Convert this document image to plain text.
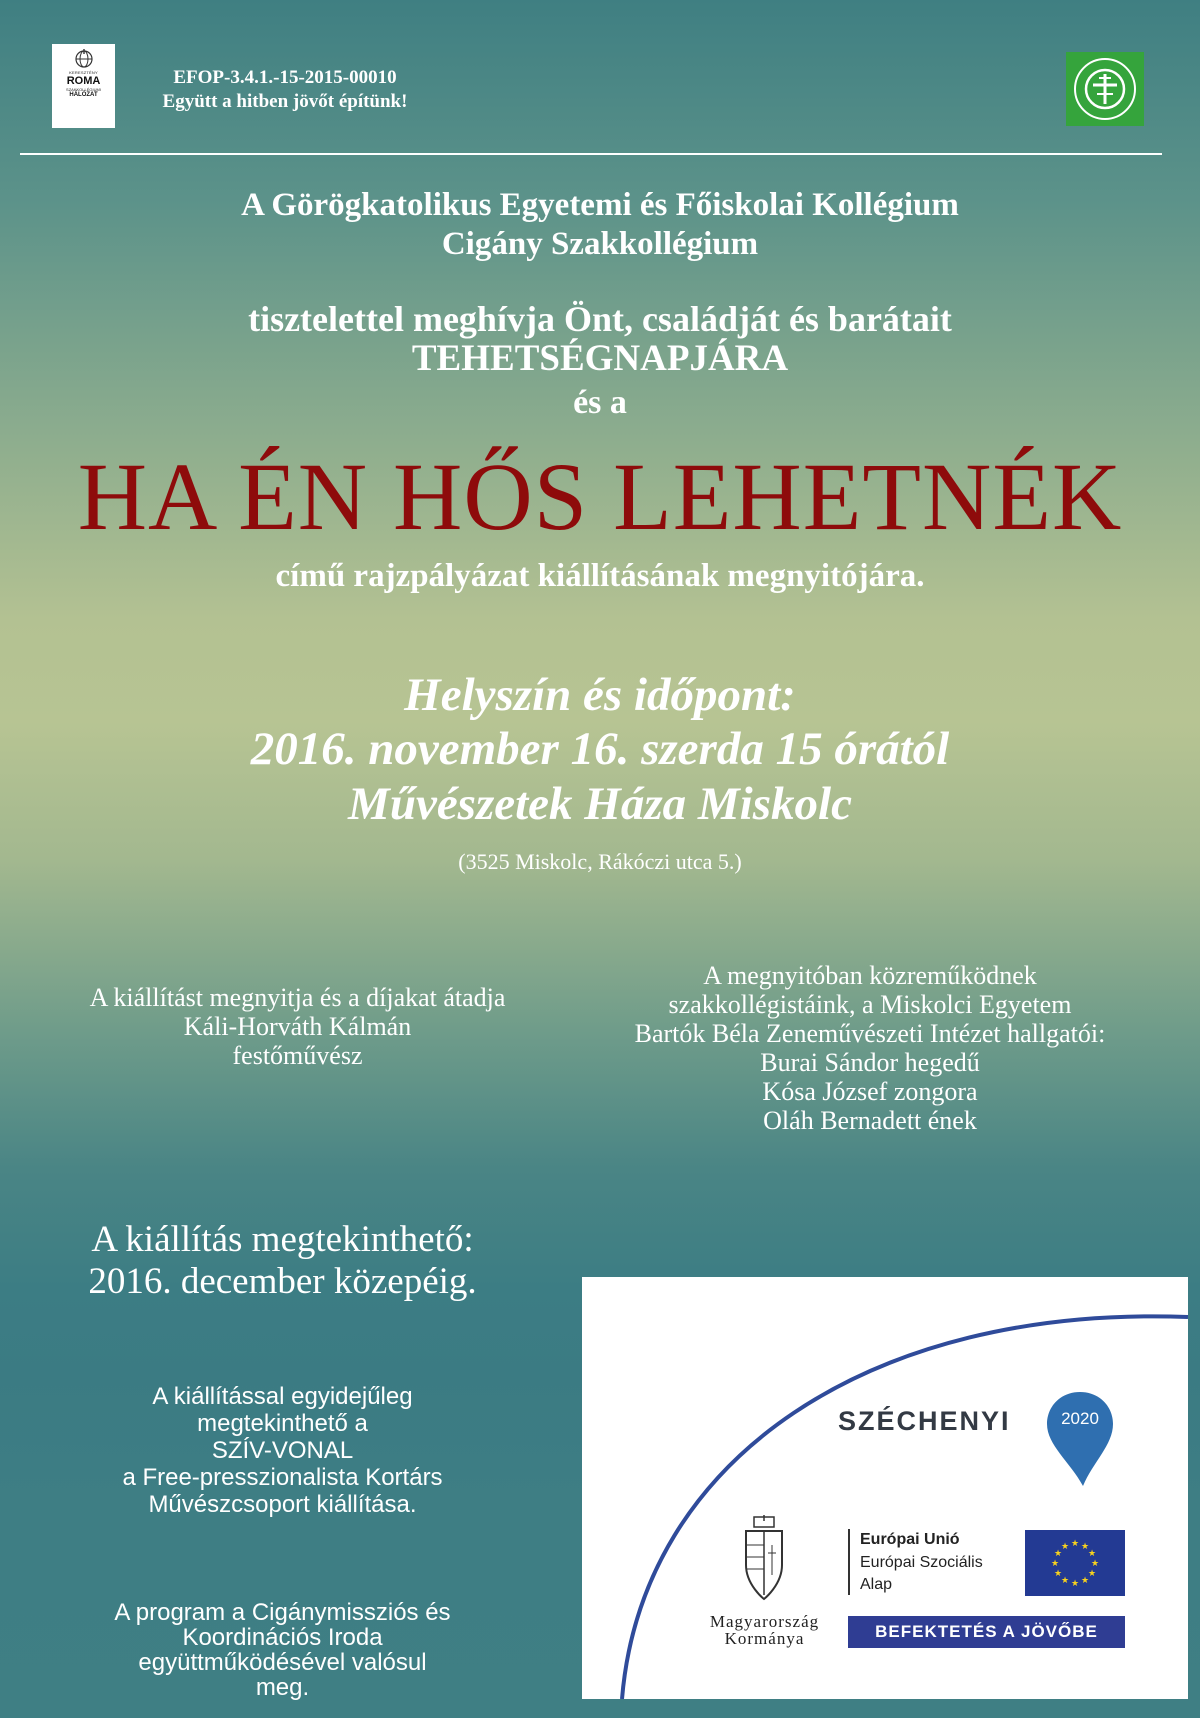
KERESZTÉNY
ROMA
SZAKKOLLÉGIUMI
HÁLÓZAT
EFOP-3.4.1.-15-2015-00010
Együtt a hitben jövőt építünk!
A Görögkatolikus Egyetemi és Főiskolai Kollégium
Cigány Szakkollégium
tisztelettel meghívja Önt, családját és barátait
TEHETSÉGNAPJÁRA
és a
HA ÉN HŐS LEHETNÉK
című rajzpályázat kiállításának megnyitójára.
Helyszín és időpont:
2016. november 16. szerda 15 órától
Művészetek Háza Miskolc
(3525 Miskolc, Rákóczi utca 5.)
A kiállítást megnyitja és a díjakat átadja
Káli-Horváth Kálmán
festőművész
A megnyitóban közreműködnek
szakkollégistáink, a Miskolci Egyetem
Bartók Béla Zeneművészeti Intézet hallgatói:
Burai Sándor hegedű
Kósa József zongora
Oláh Bernadett ének
A kiállítás megtekinthető:
2016. december közepéig.
A kiállítással egyidejűleg
megtekinthető a
SZÍV-VONAL
a Free-presszionalista Kortárs
Művészcsoport kiállítása.
A program a Cigánymissziós és
Koordinációs Iroda
együttműködésével valósul
meg.
SZÉCHENYI	2020
Magyarország
Kormánya
Európai Unió
Európai Szociális
Alap
★ ★
★
★
★
★
★
★
★
★
★
★
BEFEKTETÉS A JÖVŐBE
